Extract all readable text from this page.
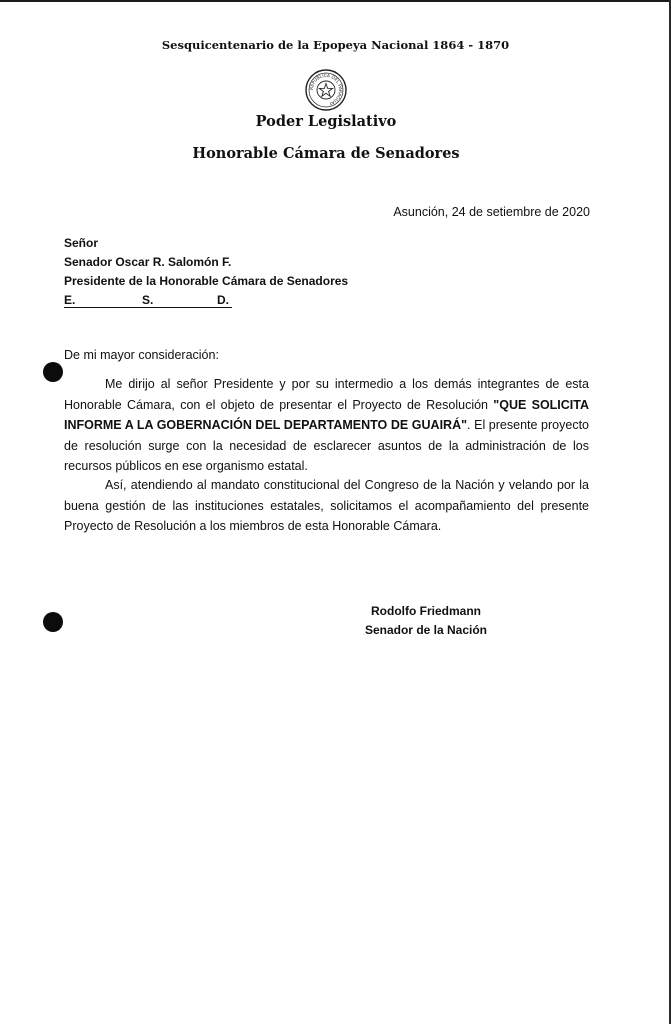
Sesquicentenario de la Epopeya Nacional 1864 - 1870
REPUBLICA DEL PARAGUAY
Poder Legislativo
Honorable Cámara de Senadores
Asunción, 24 de setiembre de 2020
Señor
Senador Oscar R. Salomón F.
Presidente de la Honorable Cámara de Senadores
E.	S.	D.
De mi mayor consideración:

Me dirijo al señor Presidente y por su intermedio a los demás integrantes de esta Honorable Cámara, con el objeto de presentar el Proyecto de Resolución "QUE SOLICITA INFORME A LA GOBERNACIÓN DEL DEPARTAMENTO DE GUAIRÁ". El presente proyecto de resolución surge con la necesidad de esclarecer asuntos de la administración de los recursos públicos en ese organismo estatal.

Así, atendiendo al mandato constitucional del Congreso de la Nación y velando por la buena gestión de las instituciones estatales, solicitamos el acompañamiento del presente Proyecto de Resolución a los miembros de esta Honorable Cámara.

Rodolfo Friedmann
Senador de la Nación
